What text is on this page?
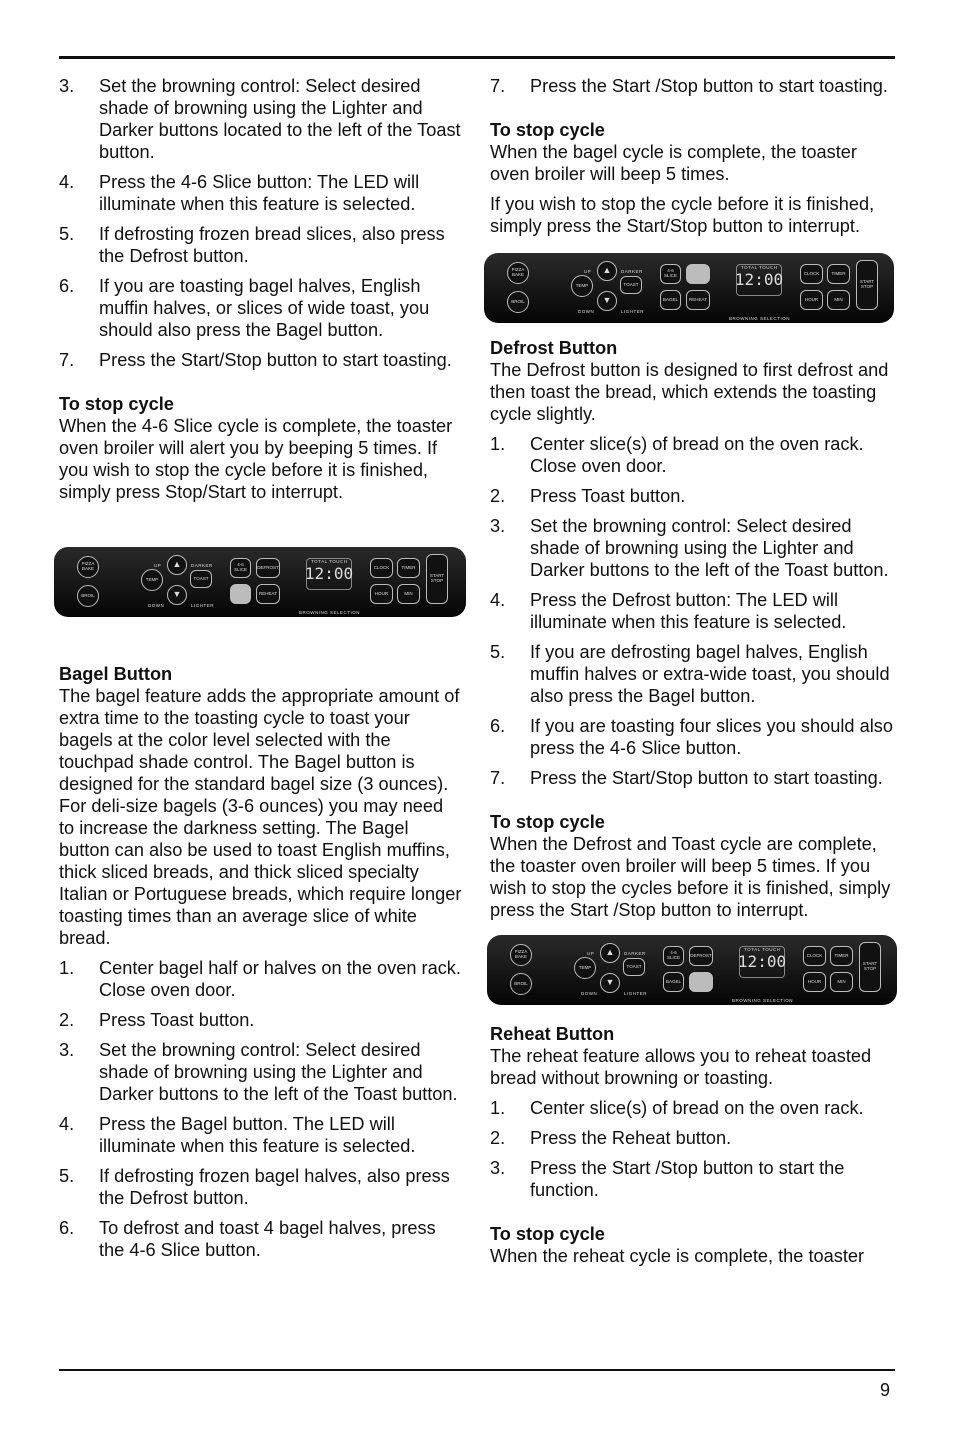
3. Set the browning control: Select desired shade of browning using the Lighter and Darker buttons located to the left of the Toast button.
4. Press the 4-6 Slice button: The LED will illuminate when this feature is selected.
5. If defrosting frozen bread slices, also press the Defrost button.
6. If you are toasting bagel halves, English muffin halves, or slices of wide toast, you should also press the Bagel button.
7. Press the Start/Stop button to start toasting.
To stop cycle

When the 4-6 Slice cycle is complete, the toaster oven broiler will alert you by beeping 5 times. If you wish to stop the cycle before it is finished, simply press Stop/Start to interrupt.

PIZZA BAKE
BROIL
UP
DOWN
TEMP
▲
▼
DARKER
LIGHTER
TOAST
4-6 SLICE	DEFROST
BAGEL	REHEAT
TOTAL TOUCH
12:00
BROWNING SELECTION
CLOCK	TIMER
HOUR	MIN
START STOP
Bagel Button

The bagel feature adds the appropriate amount of extra time to the toasting cycle to toast your bagels at the color level selected with the touchpad shade control. The Bagel button is designed for the standard bagel size (3 ounces). For deli-size bagels (3-6 ounces) you may need to increase the darkness setting. The Bagel button can also be used to toast English muffins, thick sliced breads, and thick sliced specialty Italian or Portuguese breads, which require longer toasting times than an average slice of white bread.

1. Center bagel half or halves on the oven rack. Close oven door.
2. Press Toast button.
3. Set the browning control: Select desired shade of browning using the Lighter and Darker buttons to the left of the Toast button.
4. Press the Bagel button. The LED will illuminate when this feature is selected.
5. If defrosting frozen bagel halves, also press the Defrost button.
6. To defrost and toast 4 bagel halves, press the 4-6 Slice button.
7. Press the Start /Stop button to start toasting.
To stop cycle

When the bagel cycle is complete, the toaster oven broiler will beep 5 times.

If you wish to stop the cycle before it is finished, simply press the Start/Stop button to interrupt.

PIZZA BAKE
BROIL
UP
DOWN
TEMP
▲
▼
DARKER
LIGHTER
TOAST
4-6 SLICE	DEFROST
BAGEL	REHEAT
TOTAL TOUCH
12:00
BROWNING SELECTION
CLOCK	TIMER
HOUR	MIN
START STOP
Defrost Button

The Defrost button is designed to first defrost and then toast the bread, which extends the toasting cycle slightly.

1. Center slice(s) of bread on the oven rack. Close oven door.
2. Press Toast button.
3. Set the browning control: Select desired shade of browning using the Lighter and Darker buttons to the left of the Toast button.
4. Press the Defrost button: The LED will illuminate when this feature is selected.
5. If you are defrosting bagel halves, English muffin halves or extra-wide toast, you should also press the Bagel button.
6. If you are toasting four slices you should also press the 4-6 Slice button.
7. Press the Start/Stop button to start toasting.
To stop cycle

When the Defrost and Toast cycle are complete, the toaster oven broiler will beep 5 times. If you wish to stop the cycles before it is finished, simply press the Start /Stop button to interrupt.

PIZZA BAKE
BROIL
UP
DOWN
TEMP
▲
▼
DARKER
LIGHTER
TOAST
4-6 SLICE	DEFROST
BAGEL	REHEAT
TOTAL TOUCH
12:00
BROWNING SELECTION
CLOCK	TIMER
HOUR	MIN
START STOP
Reheat Button

The reheat feature allows you to reheat toasted bread without browning or toasting.

1. Center slice(s) of bread on the oven rack.
2. Press the Reheat button.
3. Press the Start /Stop button to start the function.
To stop cycle

When the reheat cycle is complete, the toaster

9
